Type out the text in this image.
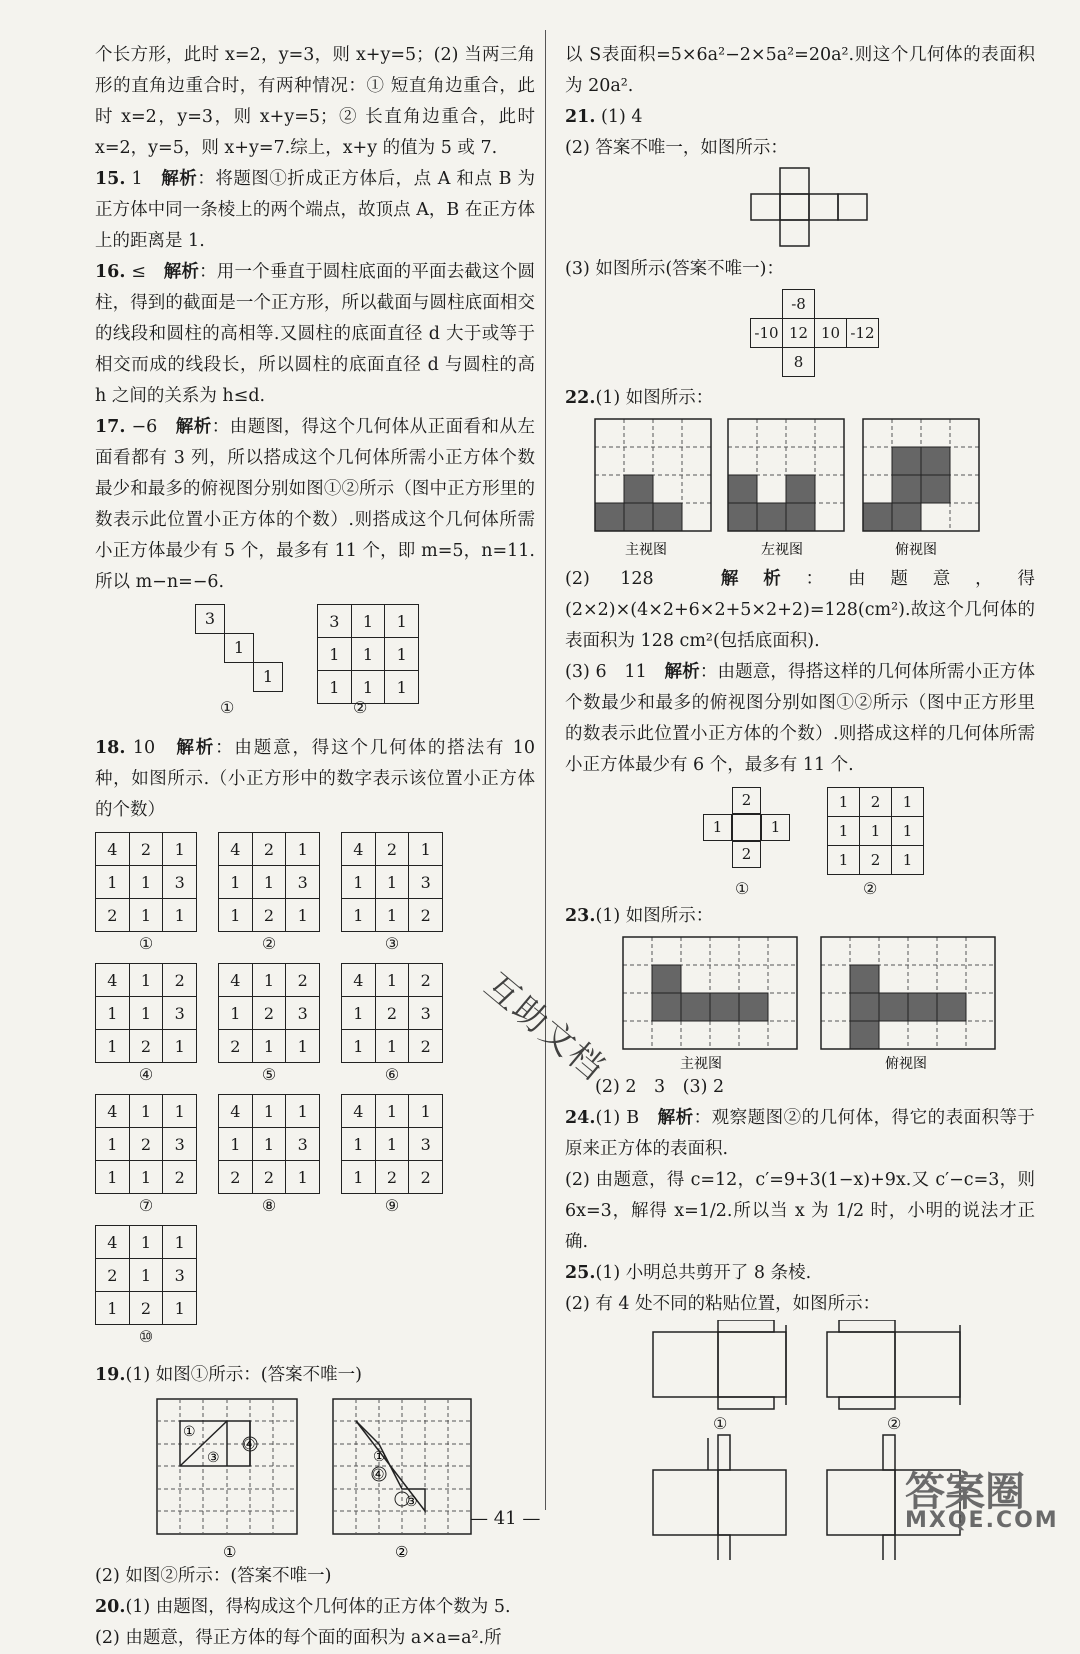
个长方形，此时 x=2，y=3，则 x+y=5；(2) 当两三角形的直角边重合时，有两种情况：① 短直角边重合，此时 x=2，y=3，则 x+y=5；② 长直角边重合，此时 x=2，y=5，则 x+y=7.综上，x+y 的值为 5 或 7.

15. 1　 解析：将题图①折成正方体后，点 A 和点 B 为正方体中同一条棱上的两个端点，故顶点 A，B 在正方体上的距离是 1.

16. ≤　 解析：用一个垂直于圆柱底面的平面去截这个圆柱，得到的截面是一个正方形，所以截面与圆柱底面相交的线段和圆柱的高相等.又圆柱的底面直径 d 大于或等于相交而成的线段长，所以圆柱的底面直径 d 与圆柱的高 h 之间的关系为 h≤d.

17. −6　 解析：由题图，得这个几何体从正面看和从左面看都有 3 列，所以搭成这个几何体所需小正方体个数最少和最多的俯视图分别如图①②所示（图中正方形里的数表示此位置小正方体的个数）.则搭成这个几何体所需小正方体最少有 5 个，最多有 11 个，即 m=5，n=11.所以 m−n=−6.

3
1
1
①
3	1	1
1	1	1
1	1	1
②

18. 10　 解析：由题意，得这个几何体的搭法有 10 种，如图所示.（小正方形中的数字表示该位置小正方体的个数）

4	2	1
1	1	3
2	1	1
①
4	2	1
1	1	3
1	2	1
②
4	2	1
1	1	3
1	1	2
③
4	1	2
1	1	3
1	2	1
④
4	1	2
1	2	3
2	1	1
⑤
4	1	2
1	2	3
1	1	2
⑥
4	1	1
1	2	3
1	1	2
⑦
4	1	1
1	1	3
2	2	1
⑧
4	1	1
1	1	3
1	2	2
⑨
4	1	1
2	1	3
1	2	1
⑩

19.(1) 如图①所示：(答案不唯一)

①
③
④
①
①
④
③
②

(2) 如图②所示：(答案不唯一)

20.(1) 由题图，得构成这个几何体的正方体个数为 5.

(2) 由题意，得正方体的每个面的面积为 a×a=a².所

以 S表面积=5×6a²−2×5a²=20a².则这个几何体的表面积为 20a².

21. (1) 4

(2) 答案不唯一，如图所示：

(3) 如图所示(答案不唯一)：

	-8		
-10	12	10	-12
	8		

22.(1) 如图所示：

主视图	左视图	俯视图

(2) 128　	解析：由题意，得(2×2)×(4×2+6×2+5×2+2)=128(cm²).故这个几何体的表面积为 128 cm²(包括底面积).

(3) 6　11　 解析：由题意，得搭这样的几何体所需小正方体个数最少和最多的俯视图分别如图①②所示（图中正方形里的数表示此位置小正方体的个数）.则搭成这样的几何体所需小正方体最少有 6 个，最多有 11 个.

2
1	1
2
①
1	2	1
1	1	1
1	2	1
②

23.(1) 如图所示：

主视图	俯视图

(2) 2　3　(3) 2

24.(1) B　 解析：观察题图②的几何体，得它的表面积等于原来正方体的表面积.

(2) 由题意，得 c=12，c′=9+3(1−x)+9x.又 c′−c=3，则 6x=3，解得 x=1/2.所以当 x 为 1/2 时，小明的说法才正确.

25.(1) 小明总共剪开了 8 条棱.

(2) 有 4 处不同的粘贴位置，如图所示：

①	②
互助文档
— 41 —
答案圈
MXQE.COM
